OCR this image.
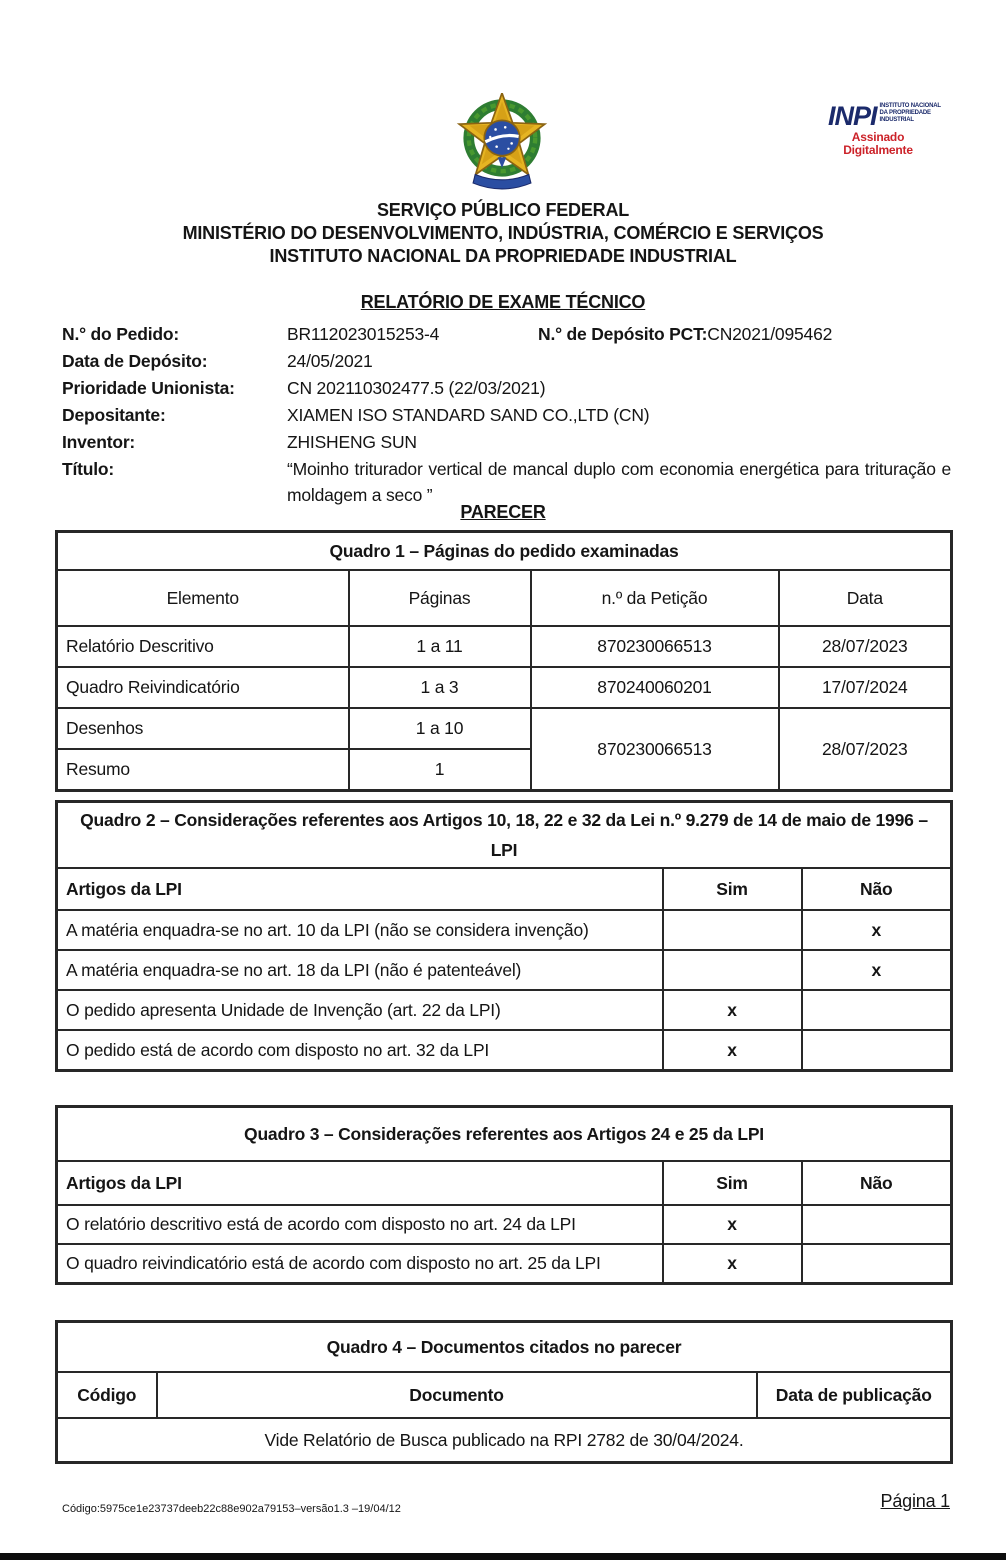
INPI INSTITUTO NACIONAL DA PROPRIEDADE INDUSTRIAL
Assinado Digitalmente
SERVIÇO PÚBLICO FEDERAL
MINISTÉRIO DO DESENVOLVIMENTO, INDÚSTRIA, COMÉRCIO E SERVIÇOS
INSTITUTO NACIONAL DA PROPRIEDADE INDUSTRIAL
RELATÓRIO DE EXAME TÉCNICO
N.° do Pedido:	BR112023015253-4	N.° de Depósito PCT: CN2021/095462
Data de Depósito:	24/05/2021
Prioridade Unionista:	CN 202110302477.5 (22/03/2021)
Depositante:	XIAMEN ISO STANDARD SAND CO.,LTD (CN)
Inventor:	ZHISHENG SUN
Título:	“Moinho triturador vertical de mancal duplo com economia energética para trituração e moldagem a seco ”
PARECER
Quadro 1 – Páginas do pedido examinadas			
Elemento	Páginas	n.º da Petição	Data
Relatório Descritivo	1 a 11	870230066513	28/07/2023
Quadro Reivindicatório	1 a 3	870240060201	17/07/2024
Desenhos	1 a 10	870230066513	28/07/2023
Resumo	1		
Quadro 2 – Considerações referentes aos Artigos 10, 18, 22 e 32 da Lei n.º 9.279 de 14 de maio de 1996 – LPI		
Artigos da LPI	Sim	Não
A matéria enquadra-se no art. 10 da LPI (não se considera invenção)		x
A matéria enquadra-se no art. 18 da LPI (não é patenteável)		x
O pedido apresenta Unidade de Invenção (art. 22 da LPI)	x	
O pedido está de acordo com disposto no art. 32 da LPI	x	
Quadro 3 – Considerações referentes aos Artigos 24 e 25 da LPI		
Artigos da LPI	Sim	Não
O relatório descritivo está de acordo com disposto no art. 24 da LPI	x	
O quadro reivindicatório está de acordo com disposto no art. 25 da LPI	x	
Quadro 4 – Documentos citados no parecer
Código	Documento	Data de publicação
Vide Relatório de Busca publicado na RPI 2782 de 30/04/2024.
Código:5975ce1e23737deeb22c88e902a79153–versão1.3 –19/04/12	Página 1
